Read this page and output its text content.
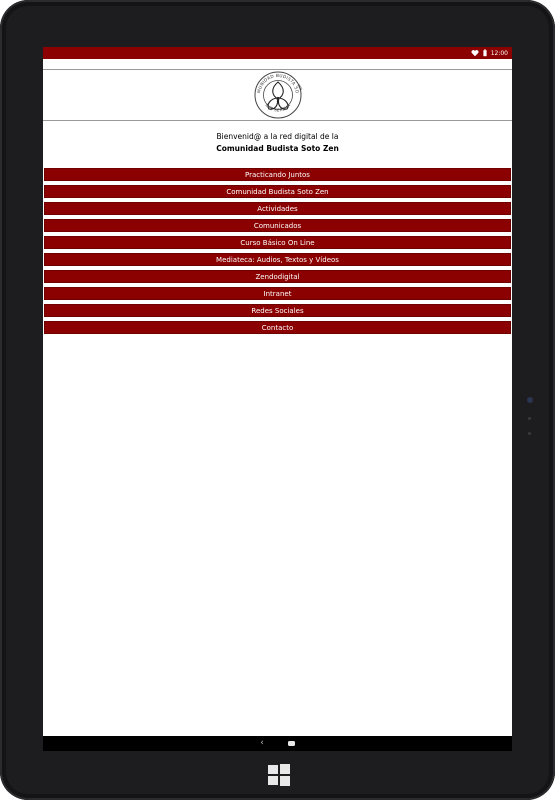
12:00
MUNIDAD BUDISTA SO
LUZ SERENA
ZEN
Bienvenid@ a la red digital de la
Comunidad Budista Soto Zen
Practicando Juntos
Comunidad Budista Soto Zen
Actividades
Comunicados
Curso Básico On Line
Mediateca: Audios, Textos y Vídeos
Zendodigital
Intranet
Redes Sociales
Contacto
‹
